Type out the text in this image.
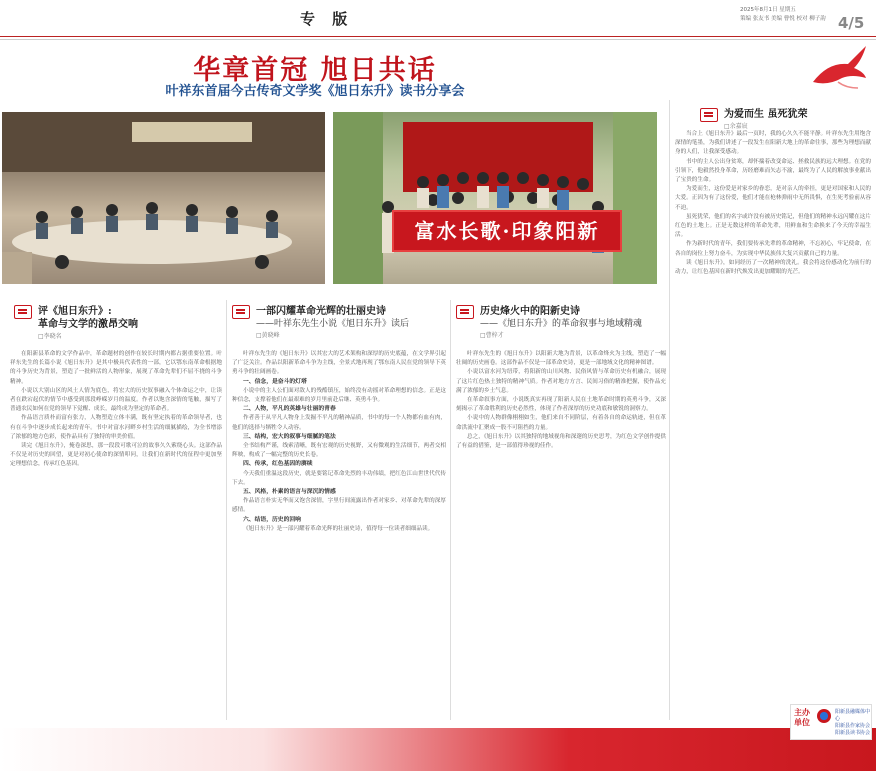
专 版	2025年8月1日 星期五
策编 张友书 美编 曹悦 校对 柳子韵 4/5
华章首冠 旭日共话
叶祥东首届今古传奇文学奖《旭日东升》读书分享会
富水长歌·印象阳新
评《旭日东升》:
革命与文学的激昂交响
□李晓名
一部闪耀革命光辉的壮丽史诗
——叶祥东先生小说《旭日东升》读后
□黄晓峰
历史烽火中的阳新史诗
——《旭日东升》的革命叙事与地域精魂
□曹梓才
为爱而生 虽死犹荣
□余嘉宸

在阳新县革命的文学作品中，革命题材的创作在较长时期内都占据重要位置。叶祥东先生的长篇小说《旭日东升》是其中极具代表性的一部，它以鄂东南革命根据地的斗争历史为背景，塑造了一批鲜活的人物形象，展现了革命先辈们不屈不挠的斗争精神。

小说以大别山区的风土人情为底色，将宏大的历史叙事融入个体命运之中，让读者在跌宕起伏的情节中感受到那段峥嵘岁月的温度。作者以饱含深情的笔触，描写了普通农民如何在党的领导下觉醒、成长，最终成为坚定的革命者。

作品语言质朴而富有张力，人物塑造立体丰满，既有坚定执着的革命领导者，也有在斗争中逐步成长起来的青年。书中对富水河畔乡村生活的细腻描绘，为全书增添了浓郁的地方色彩，使作品具有了独特的审美价值。

读完《旭日东升》，掩卷深思，那一段段可歌可泣的故事久久萦绕心头。这部作品不仅是对历史的回望，更是对初心使命的深情叩问，让我们在新时代的征程中更加坚定理想信念，传承红色基因。

叶祥东先生的《旭日东升》以其宏大的艺术架构和深厚的历史底蕴，在文学界引起了广泛关注。作品以阳新革命斗争为主线，全景式地再现了鄂东南人民在党的领导下英勇斗争的壮阔画卷。

一、信念，是奋斗的灯塔

小说中的主人公们面对敌人的残酷镇压，始终没有动摇对革命理想的信念。正是这种信念，支撑着他们在最艰难的岁月里前赴后继、英勇斗争。

二、人物，平凡的英雄与壮丽的青春

作者善于从平凡人物身上发掘不平凡的精神品质，书中的每一个人物都有血有肉，他们的选择与牺牲令人动容。

三、结构，宏大的叙事与细腻的笔法

全书结构严谨，线索清晰，既有宏观的历史视野，又有微观的生活细节，两者交相辉映，构成了一幅完整的历史长卷。

四、传承，红色基因的赓续

今天我们重温这段历史，就是要铭记革命先烈的丰功伟绩，把红色江山世世代代传下去。

五、风格，朴素的语言与深沉的情感

作品语言朴实无华而又饱含深情，字里行间流露出作者对家乡、对革命先辈的深厚感情。

六、结语，历史的回响

《旭日东升》是一部闪耀着革命光辉的壮丽史诗，值得每一位读者细细品读。

叶祥东先生的《旭日东升》以阳新大地为背景，以革命烽火为主线，塑造了一幅壮阔的历史画卷。这部作品不仅是一部革命史诗，更是一部地域文化的精神图谱。

小说以富水河为纽带，将阳新的山川风物、民俗风情与革命历史有机融合，展现了这片红色热土独特的精神气质。作者对地方方言、民间习俗的精准把握，使作品充满了浓郁的乡土气息。

在革命叙事方面，小说既真实再现了阳新人民在土地革命时期的英勇斗争，又深刻揭示了革命胜利的历史必然性，体现了作者深厚的历史功底和敏锐的洞察力。

小说中的人物群像栩栩如生，他们来自不同阶层，有着各自的命运轨迹，但在革命洪流中汇聚成一股不可阻挡的力量。

总之，《旭日东升》以其独特的地域视角和深邃的历史思考，为红色文学创作提供了有益的借鉴，是一部值得珍视的佳作。

当合上《旭日东升》最后一页时，我的心久久不能平静。叶祥东先生用饱含深情的笔墨，为我们讲述了一段发生在阳新大地上的革命往事，那些为理想而献身的人们，让我深受感动。

书中的主人公出身贫寒，却怀揣着改变命运、拯救民族的远大理想。在党的引领下，他毅然投身革命，历经磨难而矢志不渝，最终为了人民的解放事业献出了宝贵的生命。

为爱而生，这份爱是对家乡的眷恋，是对亲人的牵挂，更是对国家和人民的大爱。正因为有了这份爱，他们才能在枪林弹雨中无所畏惧，在生死考验前从容不迫。

虽死犹荣，他们的名字或许没有被历史铭记，但他们的精神永远闪耀在这片红色的土地上。正是无数这样的革命先辈，用鲜血和生命换来了今天的幸福生活。

作为新时代的青年，我们要传承先辈的革命精神，不忘初心，牢记使命，在各自的岗位上努力奋斗，为实现中华民族伟大复兴贡献自己的力量。

读《旭日东升》，如同经历了一次精神的洗礼。我会将这份感动化为前行的动力，让红色基因在新时代焕发出更加耀眼的光芒。

主办单位
阳新县融媒体中心
阳新县作家协会
阳新县读书协会
